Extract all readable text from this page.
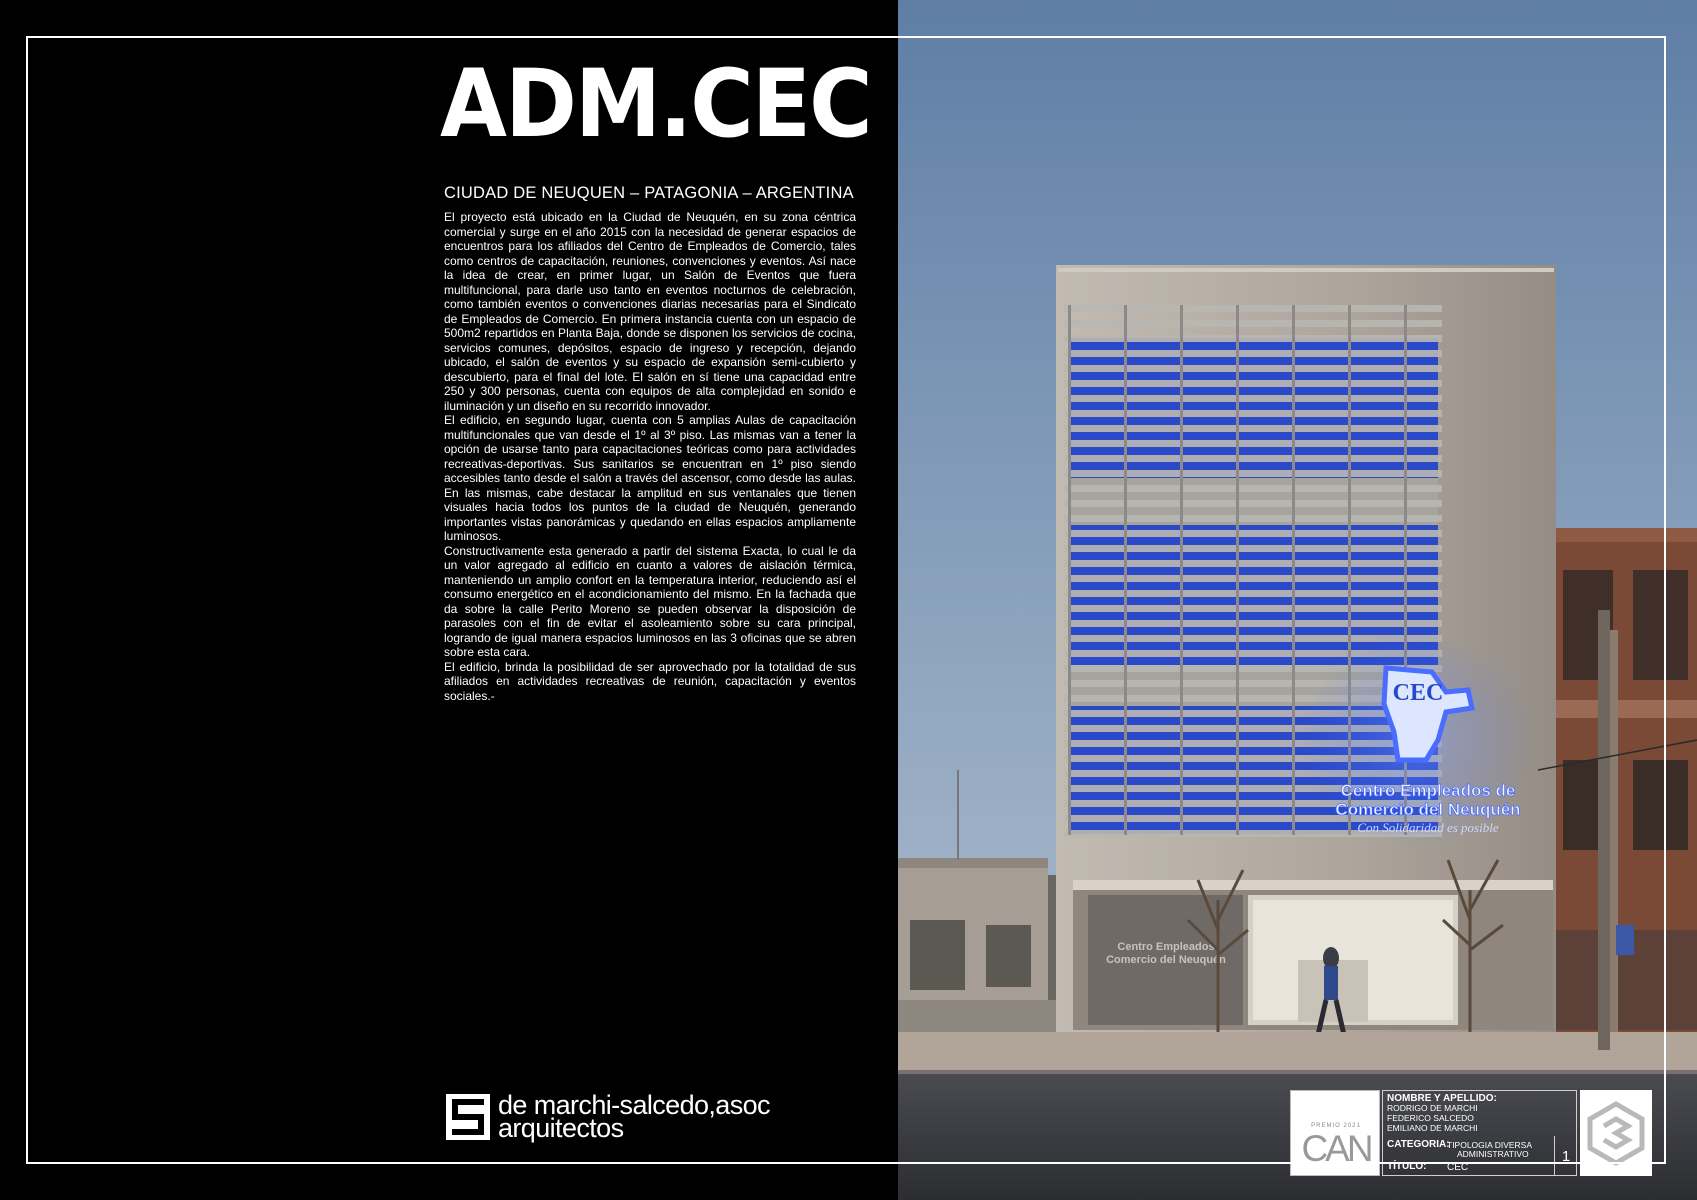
ADM.CEC
CIUDAD DE NEUQUEN – PATAGONIA – ARGENTINA

El proyecto está ubicado en la Ciudad de Neuquén, en su zona céntrica comercial y surge en el año 2015 con la necesidad de generar espacios de encuentros para los afiliados del Centro de Empleados de Comercio, tales como centros de capacitación, reuniones, convenciones y eventos. Así nace la idea de crear, en primer lugar, un Salón de Eventos que fuera multifuncional, para darle uso tanto en eventos nocturnos de celebración, como también eventos o convenciones diarias necesarias para el Sindicato de Empleados de Comercio. En primera instancia cuenta con un espacio de 500m2 repartidos en Planta Baja, donde se disponen los servicios de cocina, servicios comunes, depósitos, espacio de ingreso y recepción, dejando ubicado, el salón de eventos y su espacio de expansión semi-cubierto y descubierto, para el final del lote. El salón en sí tiene una capacidad entre 250 y 300 personas, cuenta con equipos de alta complejidad en sonido e iluminación y un diseño en su recorrido innovador.

El edificio, en segundo lugar, cuenta con 5 amplias Aulas de capacitación multifuncionales que van desde el 1º al 3º piso. Las mismas van a tener la opción de usarse tanto para capacitaciones teóricas como para actividades recreativas-deportivas. Sus sanitarios se encuentran en 1º piso siendo accesibles tanto desde el salón a través del ascensor, como desde las aulas. En las mismas, cabe destacar la amplitud en sus ventanales que tienen visuales hacia todos los puntos de la ciudad de Neuquén, generando importantes vistas panorámicas y quedando en ellas espacios ampliamente luminosos.

Constructivamente esta generado a partir del sistema Exacta, lo cual le da un valor agregado al edificio en cuanto a valores de aislación térmica, manteniendo un amplio confort en la temperatura interior, reduciendo así el consumo energético en el acondicionamiento del mismo. En la fachada que da sobre la calle Perito Moreno se pueden observar la disposición de parasoles con el fin de evitar el asoleamiento sobre su cara principal, logrando de igual manera espacios luminosos en las 3 oficinas que se abren sobre esta cara.

El edificio, brinda la posibilidad de ser aprovechado por la totalidad de sus afiliados en actividades recreativas de reunión, capacitación y eventos sociales.-

de marchi-salcedo,asoc
arquitectos
CEC
Centro Empleados de
Comercio del Neuquén
Con Solidaridad es posible
Centro Empleados
Comercio del Neuquén
PREMIO 2021
CAN
NOMBRE Y APELLIDO:
RODRIGO DE MARCHI
FEDERICO SALCEDO
EMILIANO DE MARCHI
CATEGORIA:
TIPOLOGIA DIVERSA
ADMINISTRATIVO
TÍTULO: CEC
1
